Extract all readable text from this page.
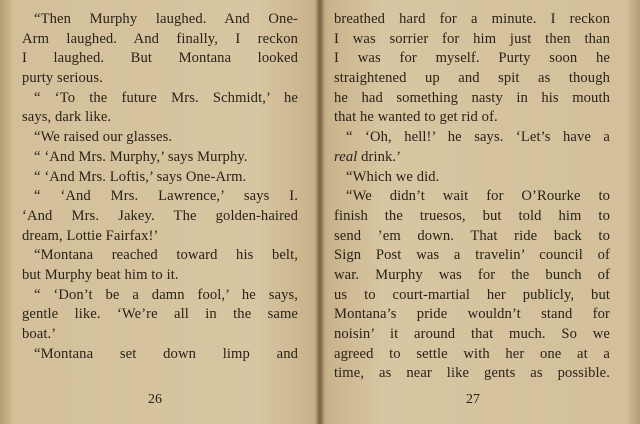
“Then Murphy laughed. And One-
Arm laughed. And finally, I reckon
I laughed. But Montana looked
purty serious.
“ ‘To the future Mrs. Schmidt,’ he
says, dark like.
“We raised our glasses.
“ ‘And Mrs. Murphy,’ says Murphy.
“ ‘And Mrs. Loftis,’ says One-Arm.
“ ‘And Mrs. Lawrence,’ says I.
‘And Mrs. Jakey. The golden-haired
dream, Lottie Fairfax!’
“Montana reached toward his belt,
but Murphy beat him to it.
“ ‘Don’t be a damn fool,’ he says,
gentle like. ‘We’re all in the same
boat.’
“Montana set down limp and
26
breathed hard for a minute. I reckon
I was sorrier for him just then than
I was for myself. Purty soon he
straightened up and spit as though
he had something nasty in his mouth
that he wanted to get rid of.
“ ‘Oh, hell!’ he says. ‘Let’s have a
real drink.’
“Which we did.
“We didn’t wait for O’Rourke to
finish the truesos, but told him to
send ’em down. That ride back to
Sign Post was a travelin’ council of
war. Murphy was for the bunch of
us to court-martial her publicly, but
Montana’s pride wouldn’t stand for
noisin’ it around that much. So we
agreed to settle with her one at a
time, as near like gents as possible.
27
